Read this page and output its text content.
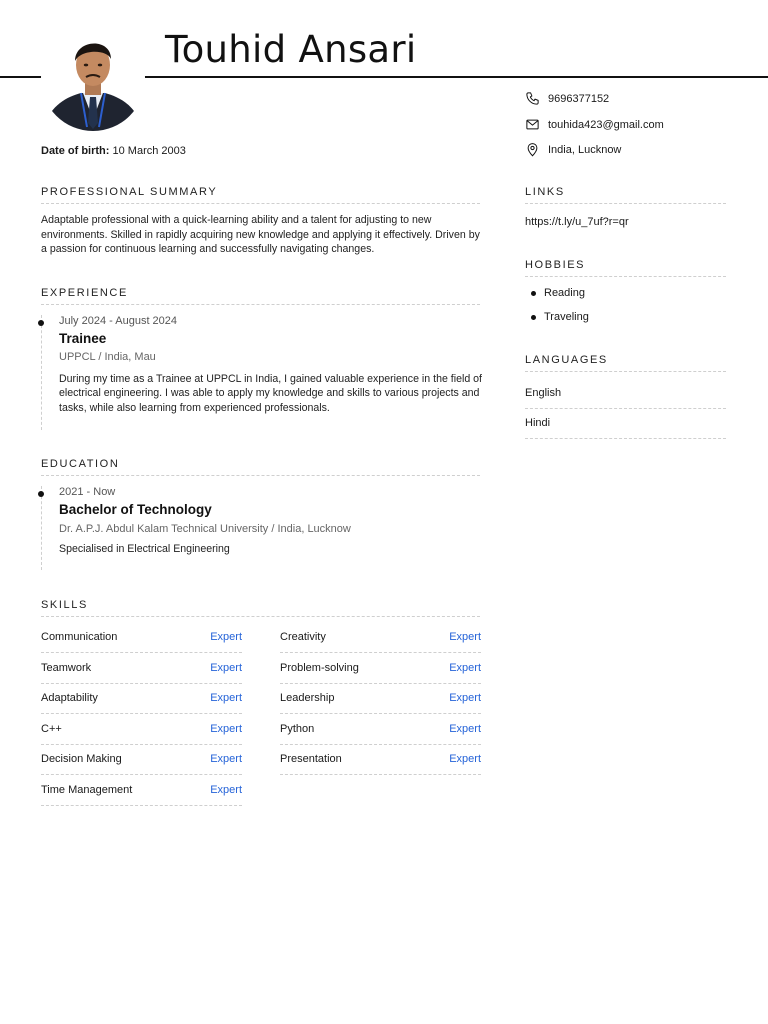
Touhid Ansari
9696377152
touhida423@gmail.com
India, Lucknow
Date of birth: 10 March 2003
PROFESSIONAL SUMMARY
Adaptable professional with a quick-learning ability and a talent for adjusting to new environments. Skilled in rapidly acquiring new knowledge and applying it effectively. Driven by a passion for continuous learning and successfully navigating changes.
EXPERIENCE
July 2024 - August 2024
Trainee
UPPCL / India, Mau
During my time as a Trainee at UPPCL in India, I gained valuable experience in the field of electrical engineering. I was able to apply my knowledge and skills to various projects and tasks, while also learning from experienced professionals.
EDUCATION
2021 - Now
Bachelor of Technology
Dr. A.P.J. Abdul Kalam Technical University / India, Lucknow
Specialised in Electrical Engineering
SKILLS
Communication	Expert
Teamwork	Expert
Adaptability	Expert
C++	Expert
Decision Making	Expert
Time Management	Expert
Creativity	Expert
Problem-solving	Expert
Leadership	Expert
Python	Expert
Presentation	Expert
LINKS
https://t.ly/u_7uf?r=qr
HOBBIES
Reading
Traveling
LANGUAGES
English
Hindi
